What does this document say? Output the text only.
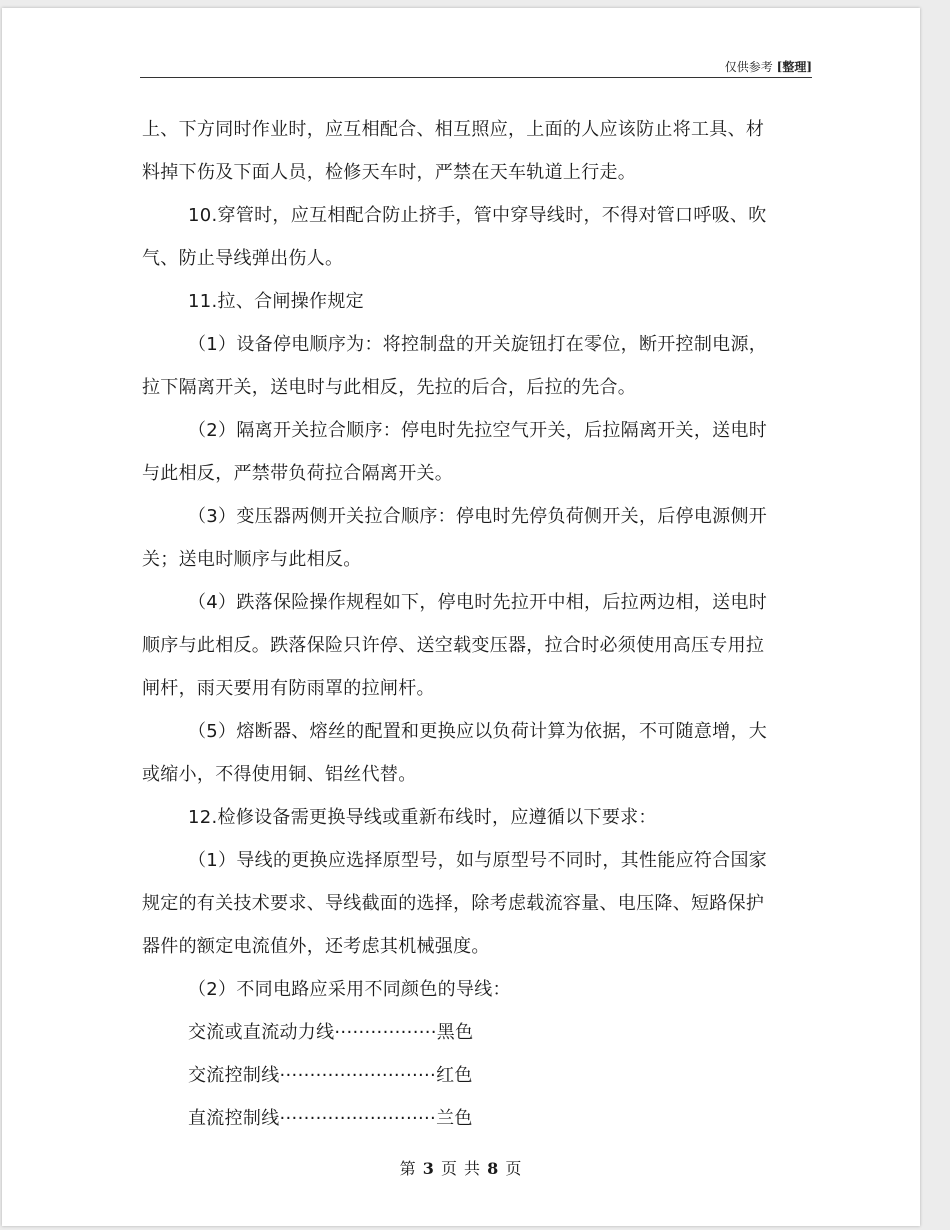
仅供参考 [整理]

上、下方同时作业时，应互相配合、相互照应，上面的人应该防止将工具、材料掉下伤及下面人员，检修天车时，严禁在天车轨道上行走。

10.穿管时，应互相配合防止挤手，管中穿导线时，不得对管口呼吸、吹气、防止导线弹出伤人。

11.拉、合闸操作规定

（1）设备停电顺序为：将控制盘的开关旋钮打在零位，断开控制电源，拉下隔离开关，送电时与此相反，先拉的后合，后拉的先合。

（2）隔离开关拉合顺序：停电时先拉空气开关，后拉隔离开关，送电时与此相反，严禁带负荷拉合隔离开关。

（3）变压器两侧开关拉合顺序：停电时先停负荷侧开关，后停电源侧开关；送电时顺序与此相反。

（4）跌落保险操作规程如下，停电时先拉开中相，后拉两边相，送电时顺序与此相反。跌落保险只许停、送空载变压器，拉合时必须使用高压专用拉闸杆，雨天要用有防雨罩的拉闸杆。

（5）熔断器、熔丝的配置和更换应以负荷计算为依据，不可随意增，大或缩小，不得使用铜、铝丝代替。

12.检修设备需更换导线或重新布线时，应遵循以下要求：

（1）导线的更换应选择原型号，如与原型号不同时，其性能应符合国家规定的有关技术要求、导线截面的选择，除考虑载流容量、电压降、短路保护器件的额定电流值外，还考虑其机械强度。

（2）不同电路应采用不同颜色的导线：

交流或直流动力线·················黑色

交流控制线··························红色

直流控制线··························兰色

第 3 页 共 8 页
